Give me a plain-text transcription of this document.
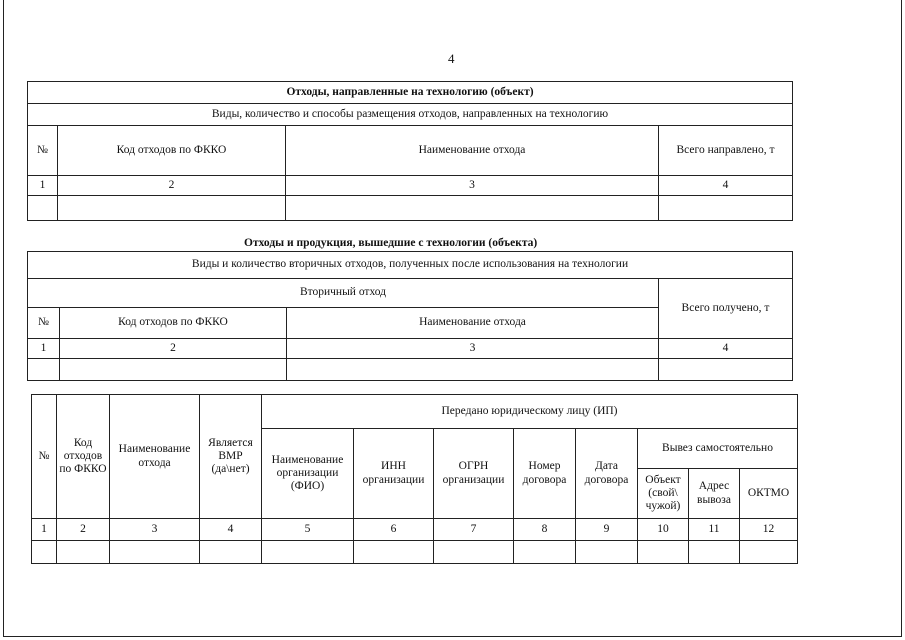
4
Отходы, направленные на технологию (объект)			
Виды, количество и способы размещения отходов, направленных на технологию			
№	Код отходов по ФККО	Наименование отхода	Всего направлено, т
1	2	3	4

Отходы и продукция, вышедшие с технологии (объекта)
Виды и количество вторичных отходов, полученных после использования на технологии			
Вторичный отход			Всего получено, т
№	Код отходов по ФККО	Наименование отхода	
1	2	3	4

№	Код отходов по ФККО	Наименование отхода	Является ВМР (да\нет)	Передано юридическому лицу (ИП)							
				Наименование организации (ФИО)	ИНН организации	ОГРН организации	Номер договора	Дата договора	Вывез самостоятельно		
									Объект (свой\ чужой)	Адрес вывоза	ОКТМО
1	2	3	4	5	6	7	8	9	10	11	12
